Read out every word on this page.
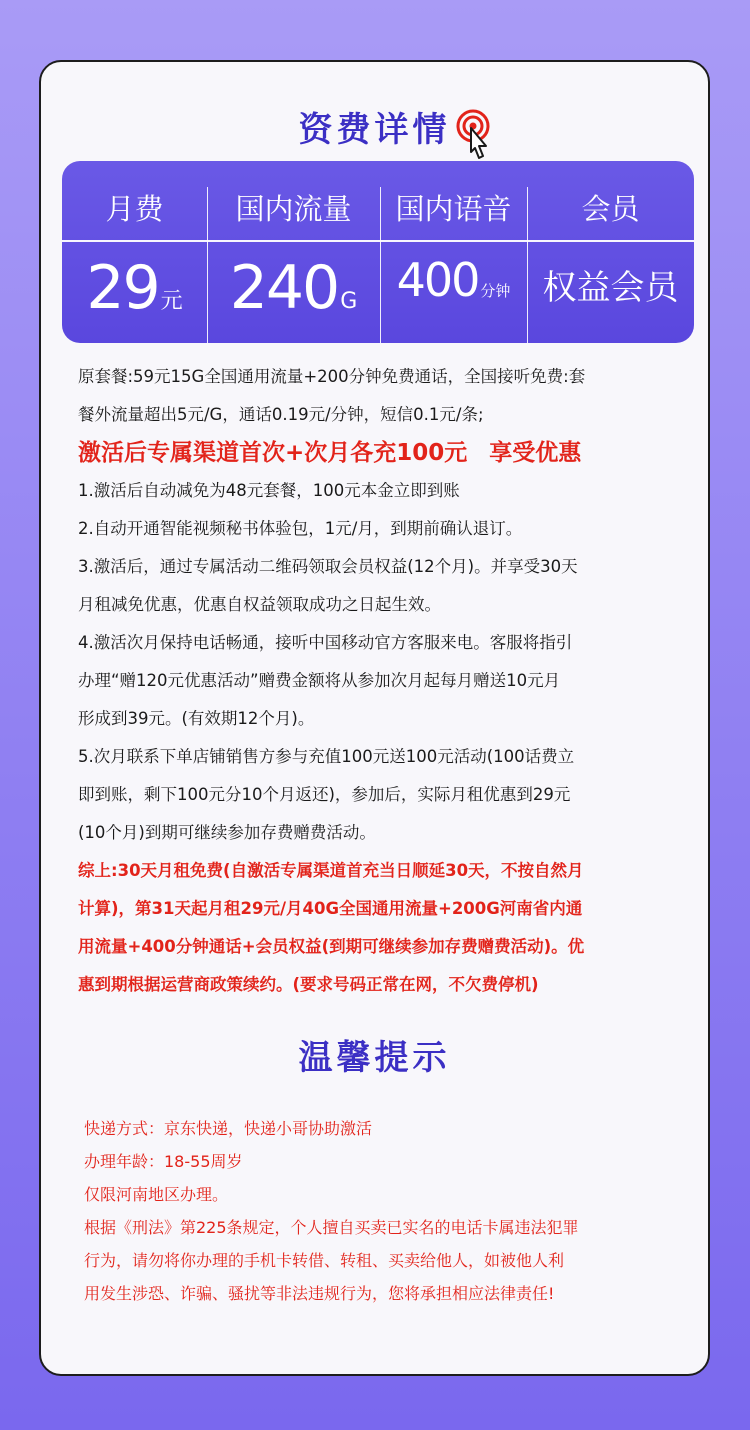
资费详情
月费	国内流量	国内语音	会员
29元 240G 400 分钟 权益会员

原套餐:59元15G全国通用流量+200分钟免费通话，全国接听免费:套

餐外流量超出5元/G，通话0.19元/分钟，短信0.1元/条;

激活后专属渠道首次+次月各充100元 享受优惠

1.激活后自动减免为48元套餐，100元本金立即到账

2.自动开通智能视频秘书体验包，1元/月，到期前确认退订。

3.激活后，通过专属活动二维码领取会员权益(12个月)。并享受30天

月租减免优惠，优惠自权益领取成功之日起生效。

4.激活次月保持电话畅通，接听中国移动官方客服来电。客服将指引

办理“赠120元优惠活动”赠费金额将从参加次月起每月赠送10元月

形成到39元。(有效期12个月)。

5.次月联系下单店铺销售方参与充值100元送100元活动(100话费立

即到账，剩下100元分10个月返还)，参加后，实际月租优惠到29元

(10个月)到期可继续参加存费赠费活动。

综上:30天月租免费(自激活专属渠道首充当日顺延30天，不按自然月

计算)，第31天起月租29元/月40G全国通用流量+200G河南省内通

用流量+400分钟通话+会员权益(到期可继续参加存费赠费活动)。优

惠到期根据运营商政策续约。(要求号码正常在网，不欠费停机)

温馨提示

快递方式：京东快递，快递小哥协助激活

办理年龄：18-55周岁

仅限河南地区办理。

根据《刑法》第225条规定，个人擅自买卖已实名的电话卡属违法犯罪

行为，请勿将你办理的手机卡转借、转租、买卖给他人，如被他人利

用发生涉恐、诈骗、骚扰等非法违规行为，您将承担相应法律责任!
